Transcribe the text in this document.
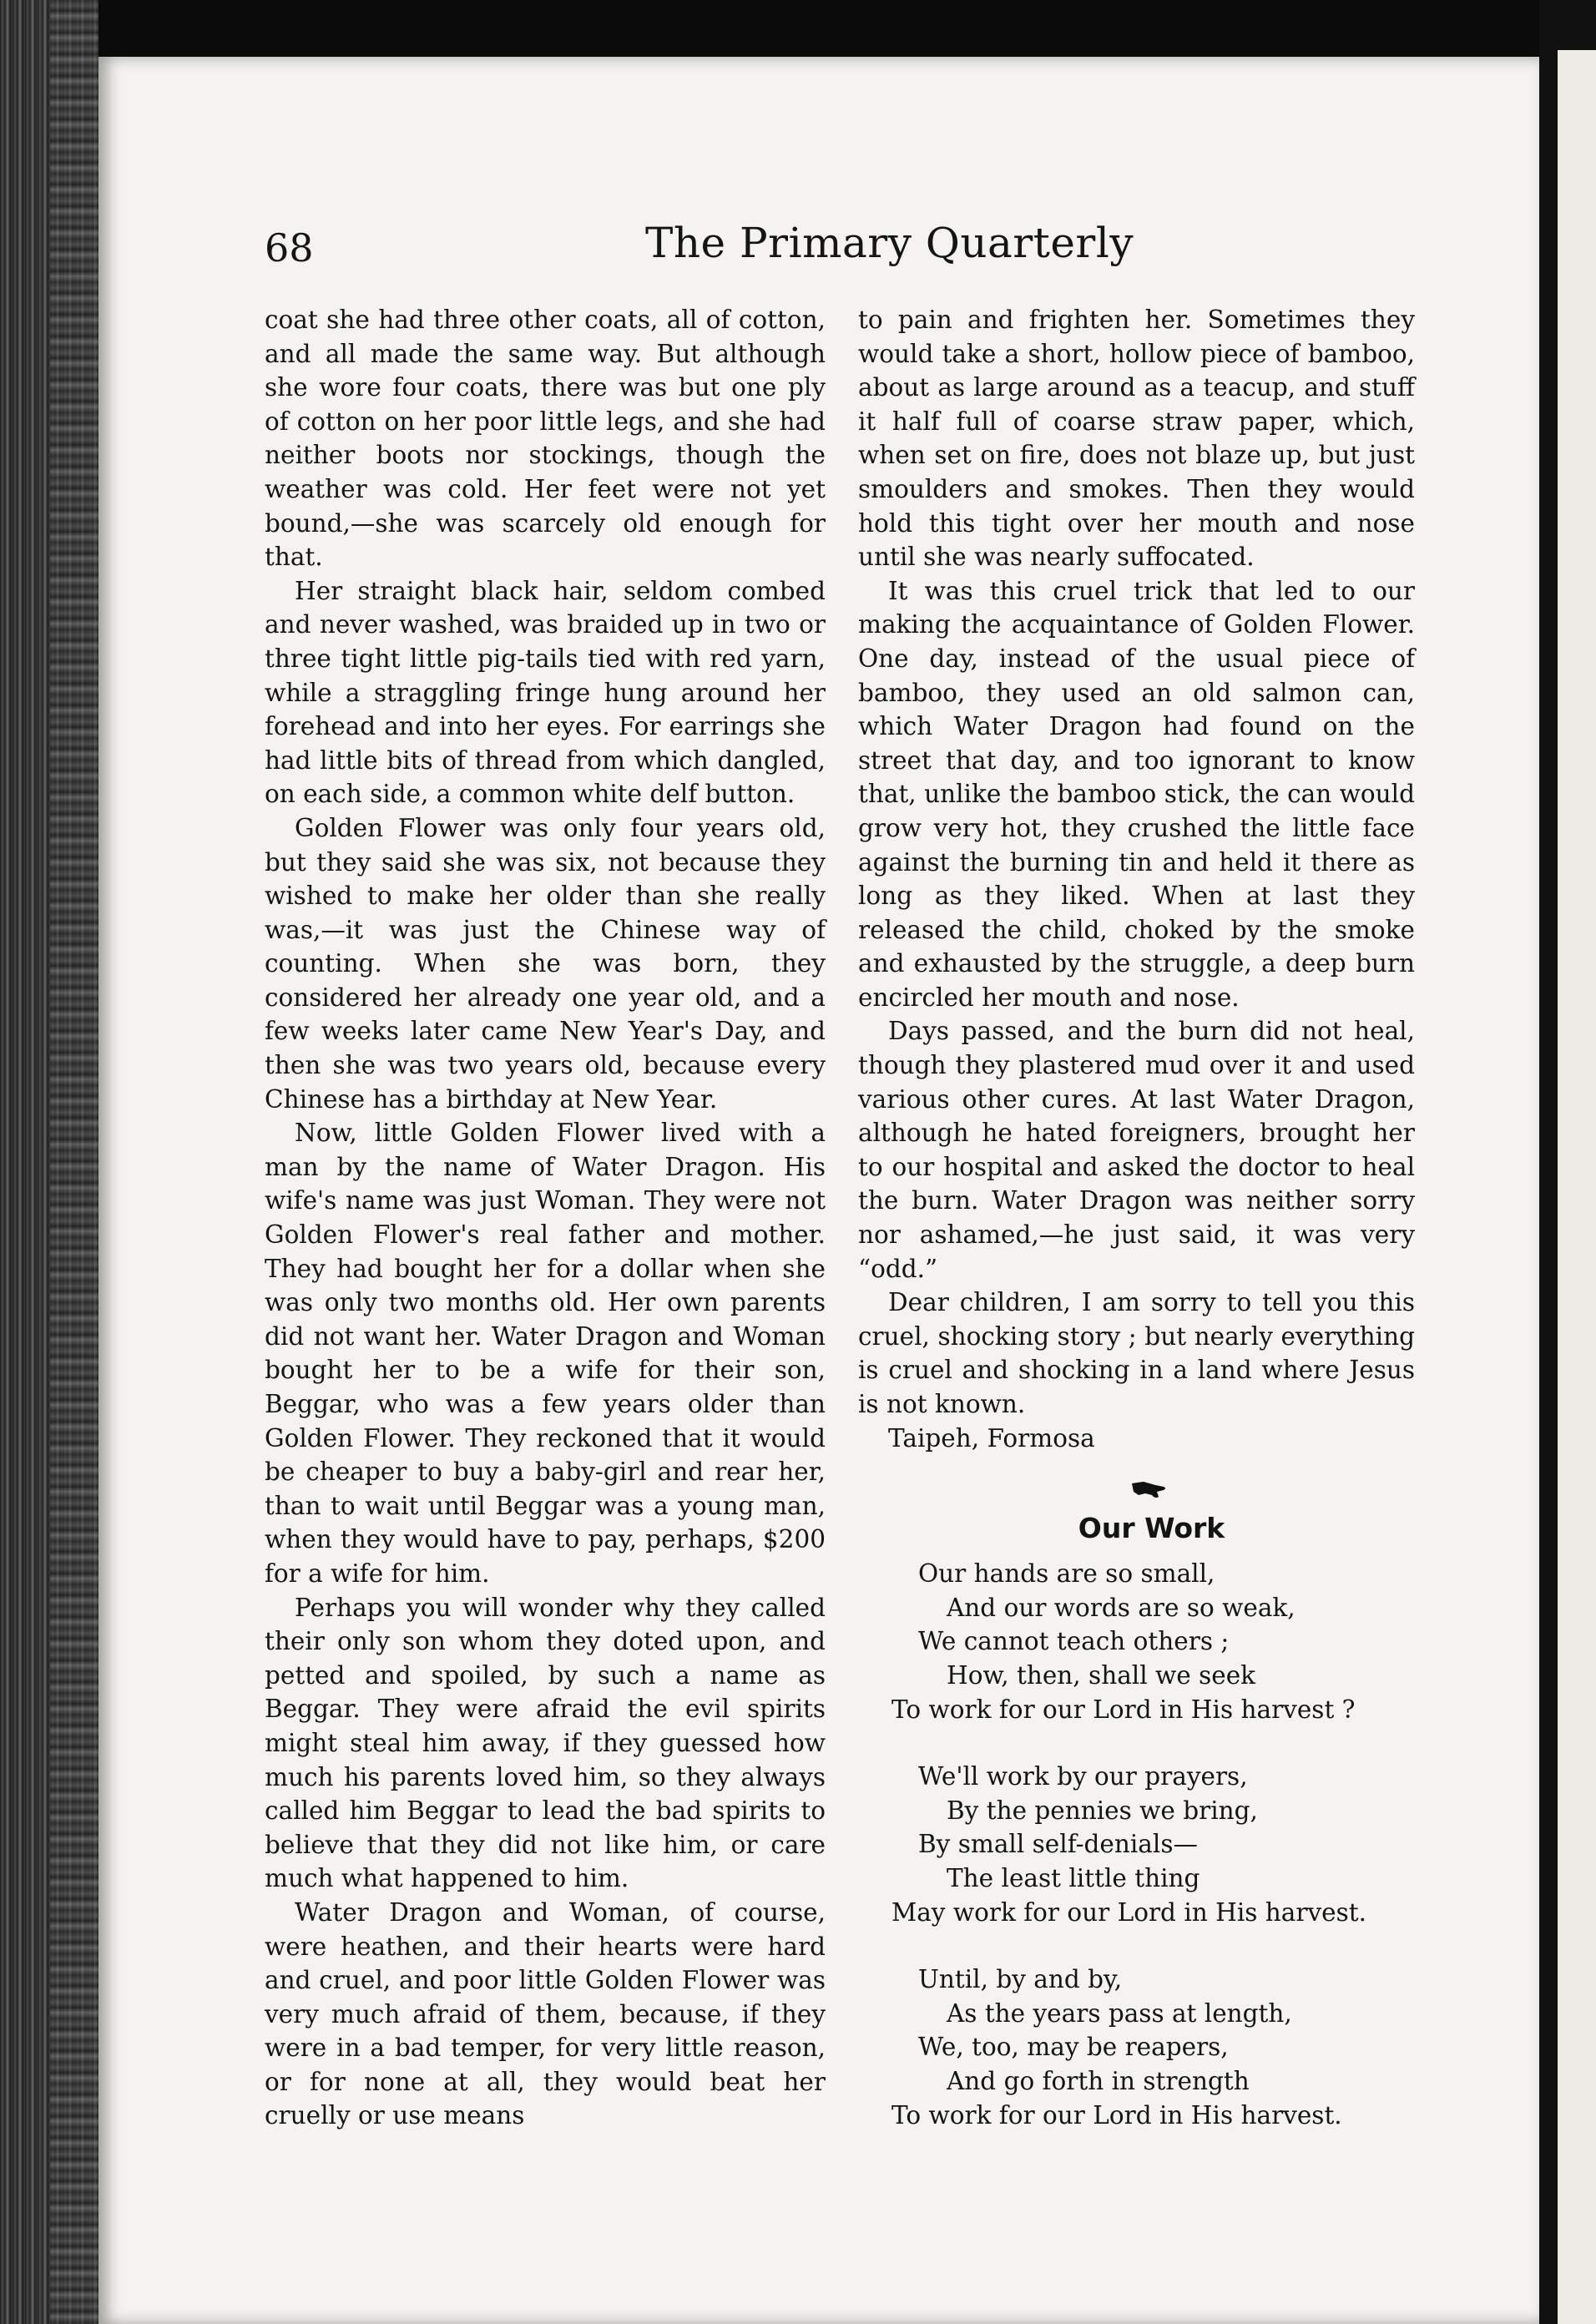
68	The Primary Quarterly

coat she had three other coats, all of cotton, and all made the same way. But although she wore four coats, there was but one ply of cotton on her poor little legs, and she had neither boots nor stockings, though the weather was cold. Her feet were not yet bound,—she was scarcely old enough for that.

Her straight black hair, seldom combed and never washed, was braided up in two or three tight little pig-tails tied with red yarn, while a straggling fringe hung around her forehead and into her eyes. For earrings she had little bits of thread from which dangled, on each side, a common white delf button.

Golden Flower was only four years old, but they said she was six, not because they wished to make her older than she really was,—it was just the Chinese way of counting. When she was born, they considered her already one year old, and a few weeks later came New Year's Day, and then she was two years old, because every Chinese has a birthday at New Year.

Now, little Golden Flower lived with a man by the name of Water Dragon. His wife's name was just Woman. They were not Golden Flower's real father and mother. They had bought her for a dollar when she was only two months old. Her own parents did not want her. Water Dragon and Woman bought her to be a wife for their son, Beggar, who was a few years older than Golden Flower. They reckoned that it would be cheaper to buy a baby-girl and rear her, than to wait until Beggar was a young man, when they would have to pay, perhaps, $200 for a wife for him.

Perhaps you will wonder why they called their only son whom they doted upon, and petted and spoiled, by such a name as Beggar. They were afraid the evil spirits might steal him away, if they guessed how much his parents loved him, so they always called him Beggar to lead the bad spirits to believe that they did not like him, or care much what happened to him.

Water Dragon and Woman, of course, were heathen, and their hearts were hard and cruel, and poor little Golden Flower was very much afraid of them, because, if they were in a bad temper, for very little reason, or for none at all, they would beat her cruelly or use means

to pain and frighten her. Sometimes they would take a short, hollow piece of bamboo, about as large around as a teacup, and stuff it half full of coarse straw paper, which, when set on fire, does not blaze up, but just smoulders and smokes. Then they would hold this tight over her mouth and nose until she was nearly suffocated.

It was this cruel trick that led to our making the acquaintance of Golden Flower. One day, instead of the usual piece of bamboo, they used an old salmon can, which Water Dragon had found on the street that day, and too ignorant to know that, unlike the bamboo stick, the can would grow very hot, they crushed the little face against the burning tin and held it there as long as they liked. When at last they released the child, choked by the smoke and exhausted by the struggle, a deep burn encircled her mouth and nose.

Days passed, and the burn did not heal, though they plastered mud over it and used various other cures. At last Water Dragon, although he hated foreigners, brought her to our hospital and asked the doctor to heal the burn. Water Dragon was neither sorry nor ashamed,—he just said, it was very “odd.”

Dear children, I am sorry to tell you this cruel, shocking story ; but nearly everything is cruel and shocking in a land where Jesus is not known.

Taipeh, Formosa
Our Work
Our hands are so small,
And our words are so weak,
We cannot teach others ;
How, then, shall we seek
To work for our Lord in His harvest ?
We'll work by our prayers,
By the pennies we bring,
By small self-denials—
The least little thing
May work for our Lord in His harvest.
Until, by and by,
As the years pass at length,
We, too, may be reapers,
And go forth in strength
To work for our Lord in His harvest.
